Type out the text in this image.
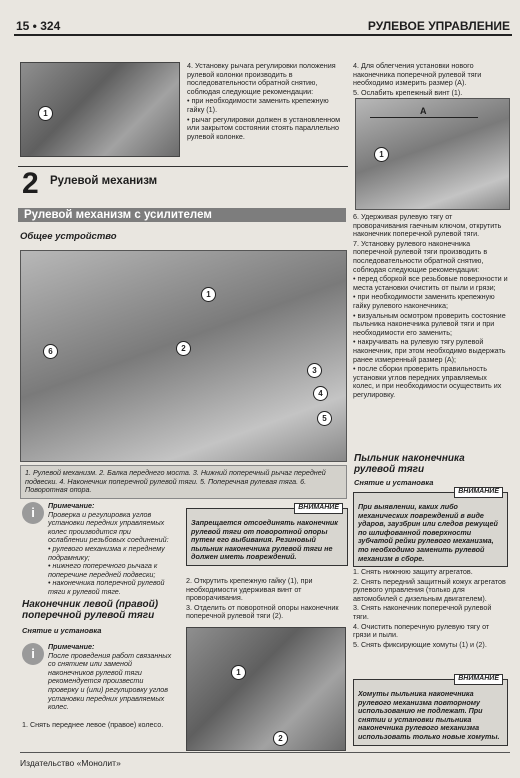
15 • 324	РУЛЕВОЕ УПРАВЛЕНИЕ
1

4. Установку рычага регулировки положения рулевой колонки производить в последовательности обратной снятию, соблюдая следующие рекомендации:

• при необходимости заменить крепежную гайку (1).

• рычаг регулировки должен в установленном или закрытом состоянии стоять параллельно рулевой колонке.

4. Для облегчения установки нового наконечника поперечной рулевой тяги необходимо измерить размер (A).

5. Ослабить крепежный винт (1).

A
1
2 Рулевой механизм
Рулевой механизм с усилителем
Общее устройство
1
2
3
4
5
6
1. Рулевой механизм. 2. Балка переднего моста. 3. Нижний поперечный рычаг передней подвески. 4. Наконечник поперечной рулевой тяги. 5. Поперечная рулевая тяга. 6. Поворотная опора.
i	Примечание:
Проверка и регулировка углов установки передних управляемых колес производится при ослаблении резьбовых соединений:
• рулевого механизма к переднему подрамнику;
• нижнего поперечного рычага к поперечине передней подвески;
• наконечника поперечной рулевой тяги к рулевой тяге.
ВНИМАНИЕ
Запрещается отсоединять наконечник рулевой тяги от поворотной опоры путем его выбивания. Резиновый пыльник наконечника рулевой тяги не должен иметь повреждений.

2. Открутить крепежную гайку (1), при необходимости удерживая винт от проворачивания.

3. Отделить от поворотной опоры наконечник поперечной рулевой тяги (2).

Наконечник левой (правой) поперечной рулевой тяги
Снятие и установка
i	Примечание:
После проведения работ связанных со снятием или заменой наконечников рулевой тяги рекомендуется произвести проверку и (или) регулировку углов установки передних управляемых колес.
1. Снять переднее левое (правое) колесо.
1
2

6. Удерживая рулевую тягу от проворачивания гаечным ключом, открутить наконечник поперечной рулевой тяги.

7. Установку рулевого наконечника поперечной рулевой тяги производить в последовательности обратной снятию, соблюдая следующие рекомендации:

• перед сборкой все резьбовые поверхности и места установки очистить от пыли и грязи;

• при необходимости заменить крепежную гайку рулевого наконечника;

• визуальным осмотром проверить состояние пыльника наконечника рулевой тяги и при необходимости его заменить;

• накручивать на рулевую тягу рулевой наконечник, при этом необходимо выдержать ранее измеренный размер (A);

• после сборки проверить правильность установки углов передних управляемых колес, и при необходимости осуществить их регулировку.

Пыльник наконечника рулевой тяги
Снятие и установка
ВНИМАНИЕ
При выявлении, каких либо механических повреждений в виде ударов, заузбрин или следов режущей по шлифованной поверхности зубчатой рейки рулевого механизма, то необходимо заменить рулевой механизм в сборе.

1. Снять нижнюю защиту агрегатов.

2. Снять передний защитный кожух агрегатов рулевого управления (только для автомобилей с дизельным двигателем).

3. Снять наконечник поперечной рулевой тяги.

4. Очистить поперечную рулевую тягу от грязи и пыли.

5. Снять фиксирующие хомуты (1) и (2).

ВНИМАНИЕ
Хомуты пыльника наконечника рулевого механизма повторному использованию не подлежат. При снятии и установки пыльника наконечника рулевого механизма использовать только новые хомуты.
Издательство «Монолит»
